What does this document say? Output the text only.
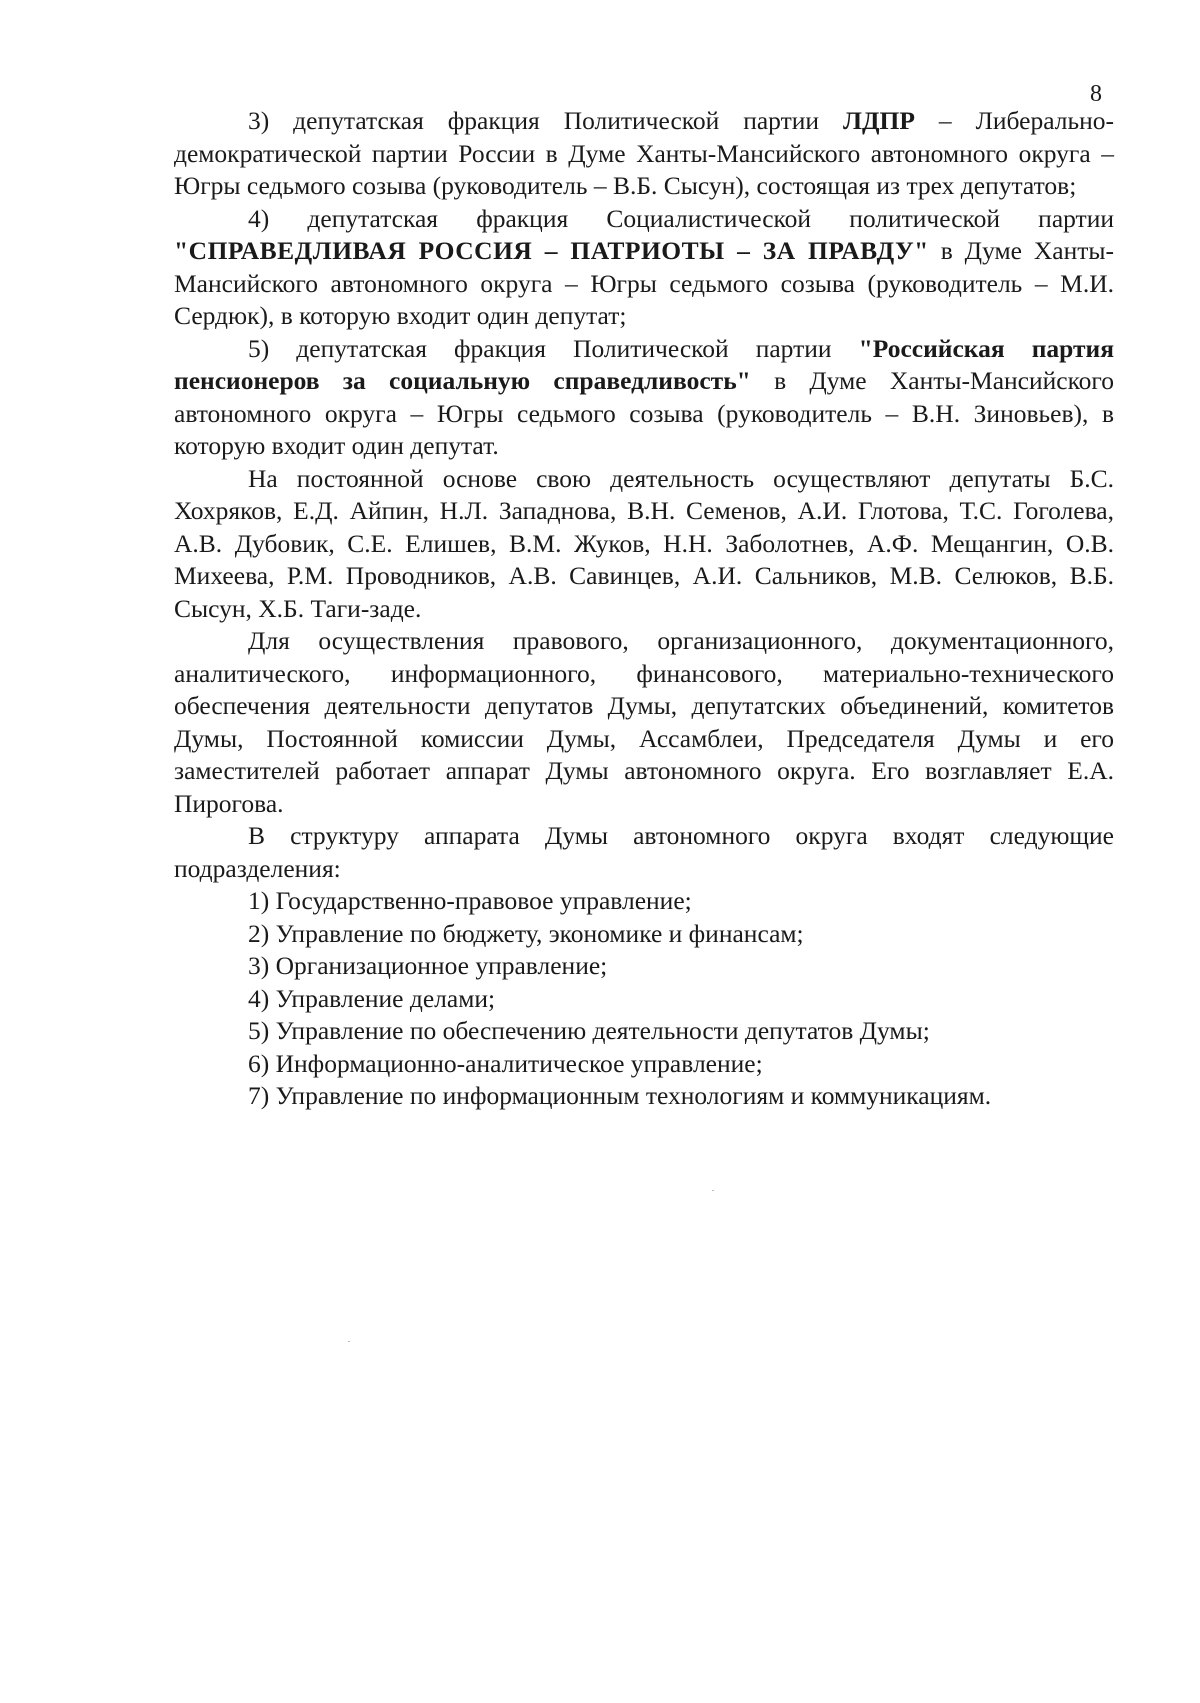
8

3) депутатская фракция Политической партии ЛДПР – Либерально-демократической партии России в Думе Ханты-Мансийского автономного округа – Югры седьмого созыва (руководитель – В.Б. Сысун), состоящая из трех депутатов;

4) депутатская фракция Социалистической политической партии "СПРАВЕДЛИВАЯ РОССИЯ – ПАТРИОТЫ – ЗА ПРАВДУ" в Думе Ханты-Мансийского автономного округа – Югры седьмого созыва (руководитель – М.И. Сердюк), в которую входит один депутат;

5) депутатская фракция Политической партии "Российская партия пенсионеров за социальную справедливость" в Думе Ханты-Мансийского автономного округа – Югры седьмого созыва (руководитель – В.Н. Зиновьев), в которую входит один депутат.

На постоянной основе свою деятельность осуществляют депутаты Б.С. Хохряков, Е.Д. Айпин, Н.Л. Западнова, В.Н. Семенов, А.И. Глотова, Т.С. Гоголева, А.В. Дубовик, С.Е. Елишев, В.М. Жуков, Н.Н. Заболотнев, А.Ф. Мещангин, О.В. Михеева, Р.М. Проводников, А.В. Савинцев, А.И. Сальников, М.В. Селюков, В.Б. Сысун, Х.Б. Таги-заде.

Для осуществления правового, организационного, документационного, аналитического, информационного, финансового, материально-технического обеспечения деятельности депутатов Думы, депутатских объединений, комитетов Думы, Постоянной комиссии Думы, Ассамблеи, Председателя Думы и его заместителей работает аппарат Думы автономного округа. Его возглавляет Е.А. Пирогова.

В структуру аппарата Думы автономного округа входят следующие подразделения:

1) Государственно-правовое управление;

2) Управление по бюджету, экономике и финансам;

3) Организационное управление;

4) Управление делами;

5) Управление по обеспечению деятельности депутатов Думы;

6) Информационно-аналитическое управление;

7) Управление по информационным технологиям и коммуникациям.
